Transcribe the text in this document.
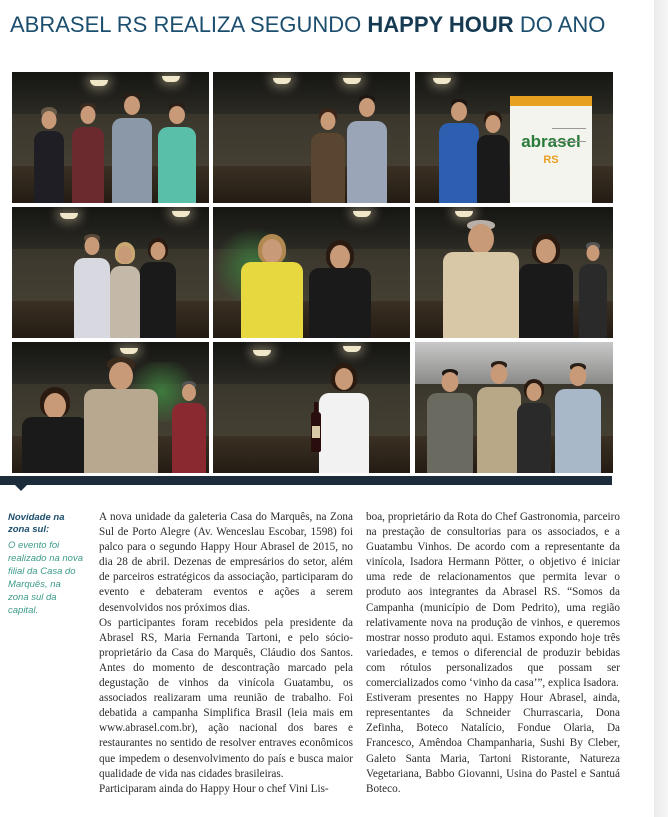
ABRASEL RS REALIZA SEGUNDO HAPPY HOUR DO ANO
abrasel
RS
Novidade na zona sul:
O evento foi realizado na nova filial da Casa do Marquês, na zona sul da capital.

A nova unidade da galeteria Casa do Marquês, na Zona Sul de Porto Alegre (Av. Wenceslau Escobar, 1598) foi palco para o segundo Happy Hour Abrasel de 2015, no dia 28 de abril. Dezenas de empresários do setor, além de parceiros estratégicos da associação, participaram do evento e debateram eventos e ações a serem desenvolvidos nos próximos dias.

Os participantes foram recebidos pela presidente da Abrasel RS, Maria Fernanda Tartoni, e pelo sócio-proprietário da Casa do Marquês, Cláudio dos Santos. Antes do momento de descontração marcado pela degustação de vinhos da vinícola Guatambu, os associados realizaram uma reunião de trabalho. Foi debatida a campanha Simplifica Brasil (leia mais em www.abrasel.com.br), ação nacional dos bares e restaurantes no sentido de resolver entraves econômicos que impedem o desenvolvimento do país e busca maior qualidade de vida nas cidades brasileiras.

Participaram ainda do Happy Hour o chef Vini Lis-

boa, proprietário da Rota do Chef Gastronomia, parceiro na prestação de consultorias para os associados, e a Guatambu Vinhos. De acordo com a representante da vinícola, Isadora Hermann Pötter, o objetivo é iniciar uma rede de relacionamentos que permita levar o produto aos integrantes da Abrasel RS. “Somos da Campanha (município de Dom Pedrito), uma região relativamente nova na produção de vinhos, e queremos mostrar nosso produto aqui. Estamos expondo hoje três variedades, e temos o diferencial de produzir bebidas com rótulos personalizados que possam ser comercializados como ‘vinho da casa’”, explica Isadora.

Estiveram presentes no Happy Hour Abrasel, ainda, representantes da Schneider Churrascaria, Dona Zefinha, Boteco Natalício, Fondue Olaria, Da Francesco, Amêndoa Champanharia, Sushi By Cleber, Galeto Santa Maria, Tartoni Ristorante, Natureza Vegetariana, Babbo Giovanni, Usina do Pastel e Santuá Boteco.
